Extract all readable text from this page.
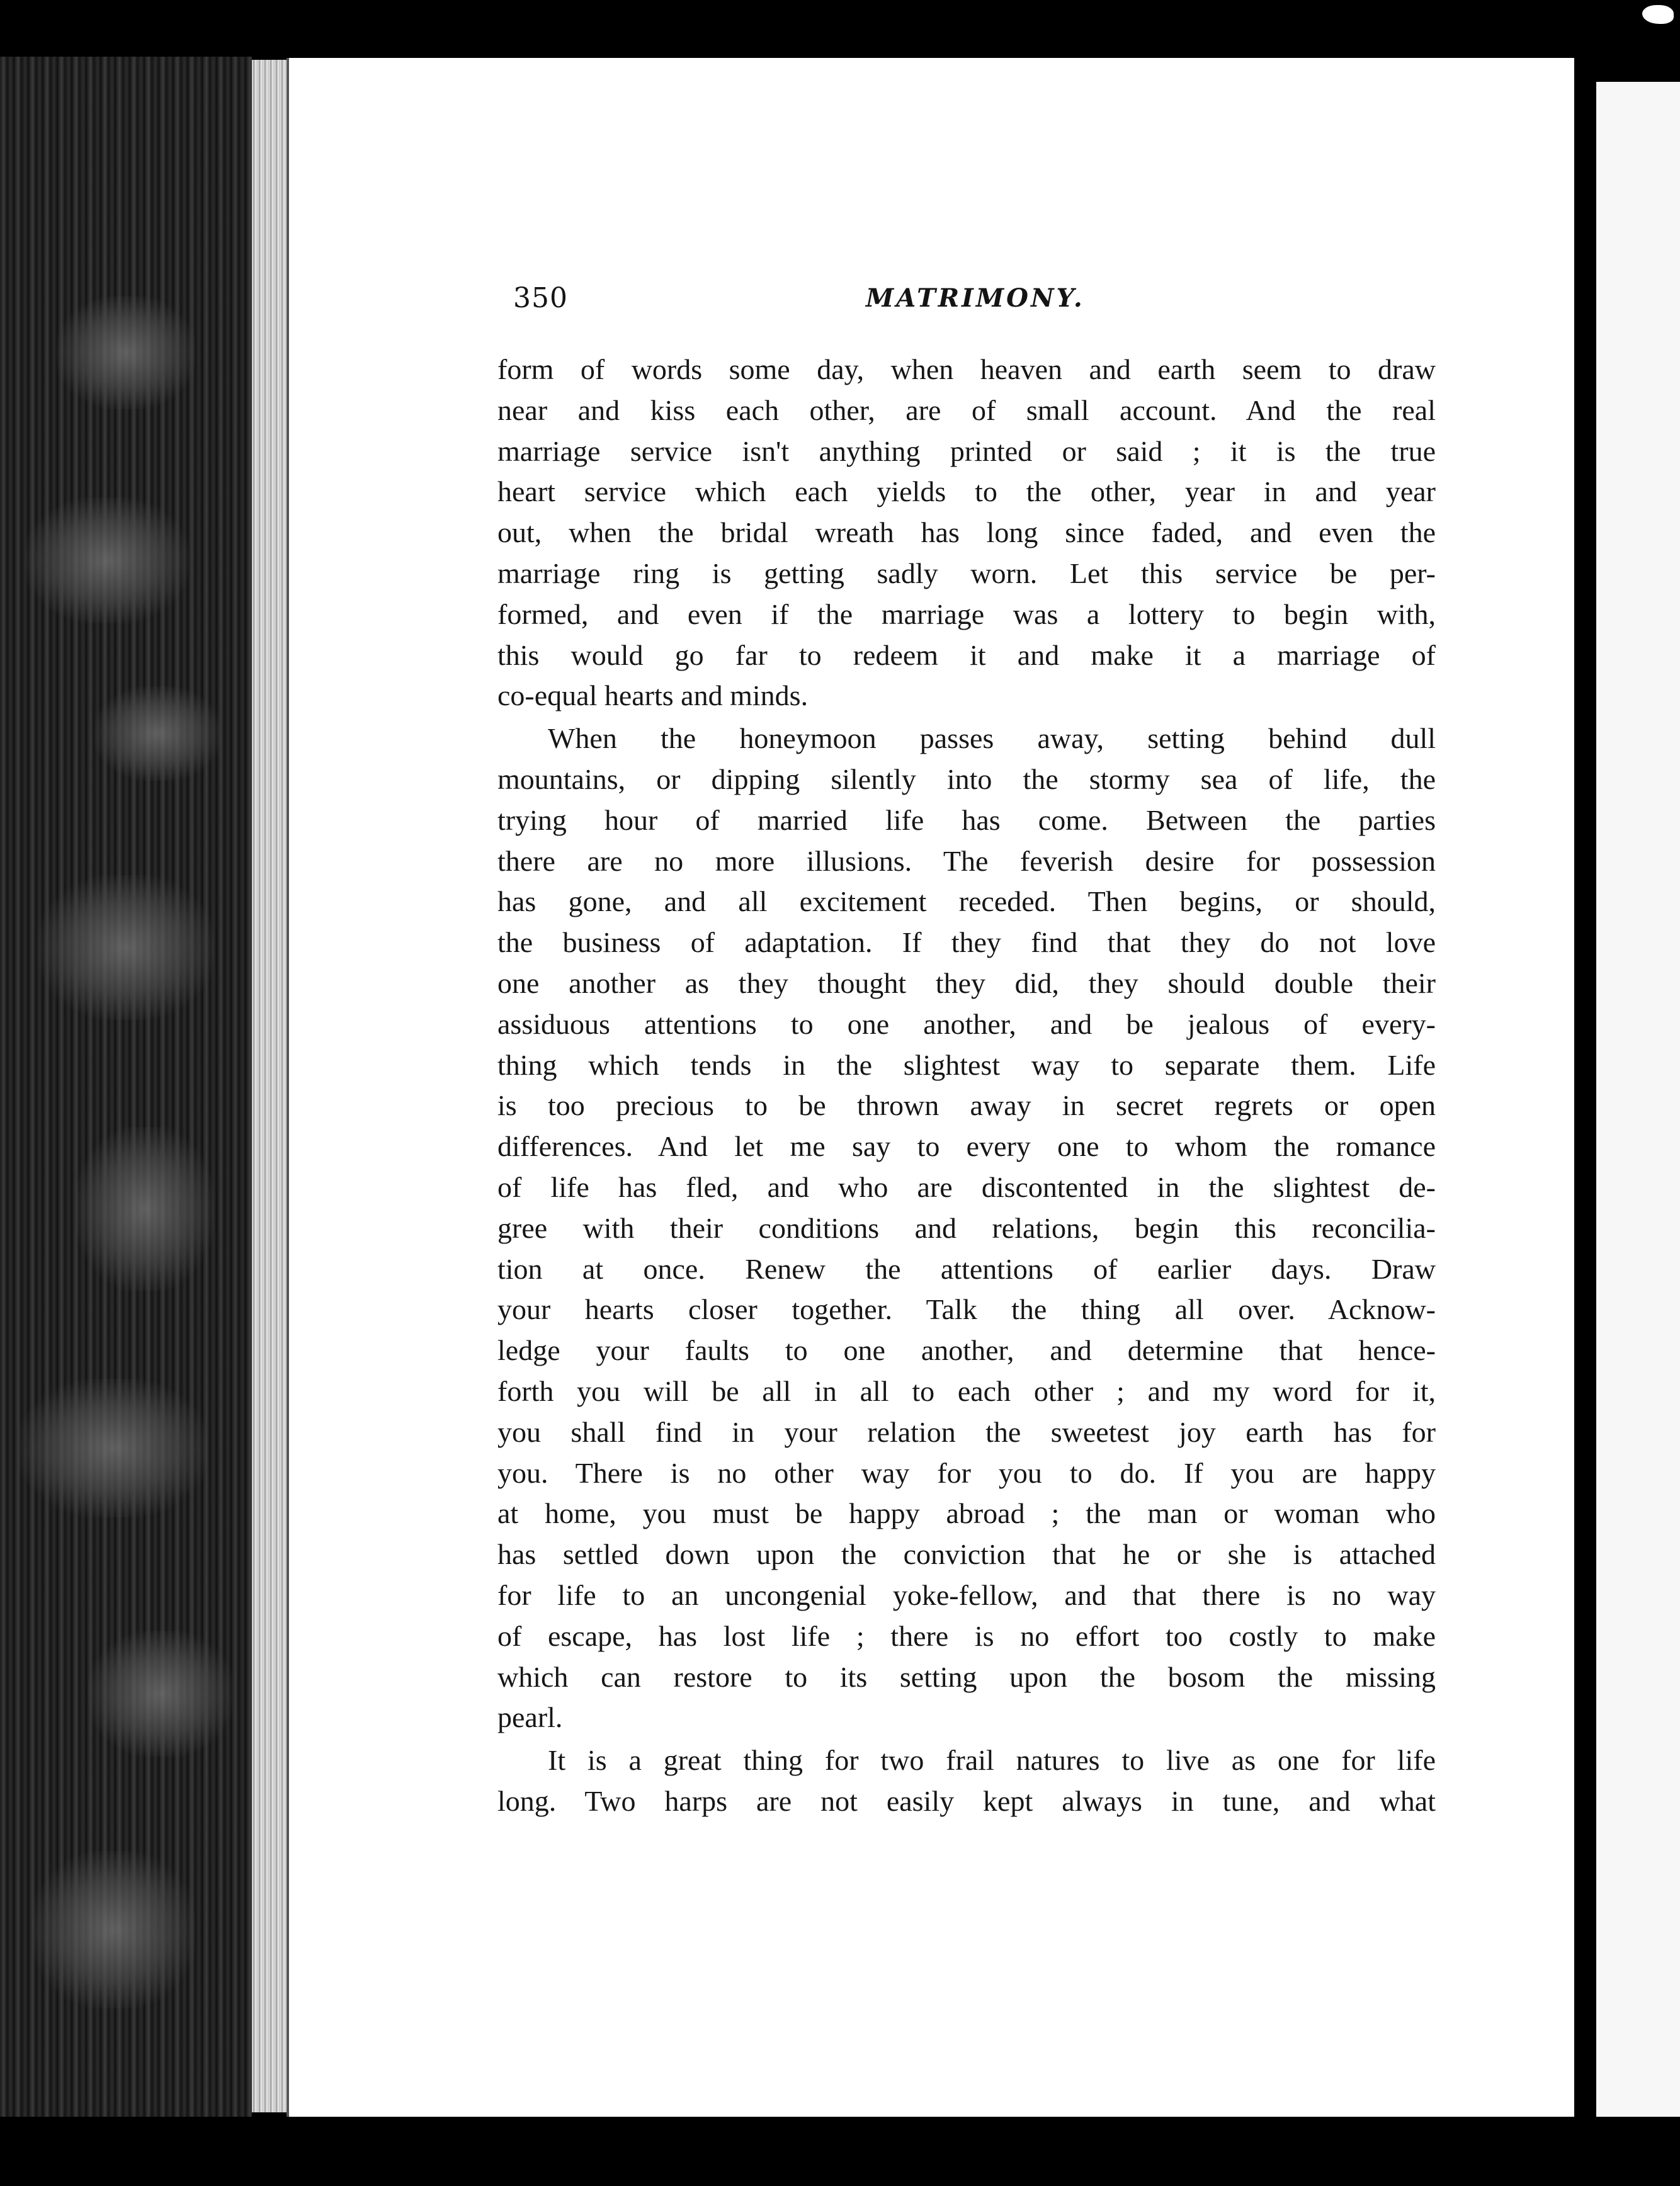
350	MATRIMONY.
form of words some day, when heaven and earth seem to draw
near and kiss each other, are of small account. And the real
marriage service isn't anything printed or said ; it is the true
heart service which each yields to the other, year in and year
out, when the bridal wreath has long since faded, and even the
marriage ring is getting sadly worn. Let this service be per-
formed, and even if the marriage was a lottery to begin with,
this would go far to redeem it and make it a marriage of
co-equal hearts and minds.
When the honeymoon passes away, setting behind dull
mountains, or dipping silently into the stormy sea of life, the
trying hour of married life has come. Between the parties
there are no more illusions. The feverish desire for possession
has gone, and all excitement receded. Then begins, or should,
the business of adaptation. If they find that they do not love
one another as they thought they did, they should double their
assiduous attentions to one another, and be jealous of every-
thing which tends in the slightest way to separate them. Life
is too precious to be thrown away in secret regrets or open
differences. And let me say to every one to whom the romance
of life has fled, and who are discontented in the slightest de-
gree with their conditions and relations, begin this reconcilia-
tion at once. Renew the attentions of earlier days. Draw
your hearts closer together. Talk the thing all over. Acknow-
ledge your faults to one another, and determine that hence-
forth you will be all in all to each other ; and my word for it,
you shall find in your relation the sweetest joy earth has for
you. There is no other way for you to do. If you are happy
at home, you must be happy abroad ; the man or woman who
has settled down upon the conviction that he or she is attached
for life to an uncongenial yoke-fellow, and that there is no way
of escape, has lost life ; there is no effort too costly to make
which can restore to its setting upon the bosom the missing
pearl.
It is a great thing for two frail natures to live as one for life
long. Two harps are not easily kept always in tune, and what
